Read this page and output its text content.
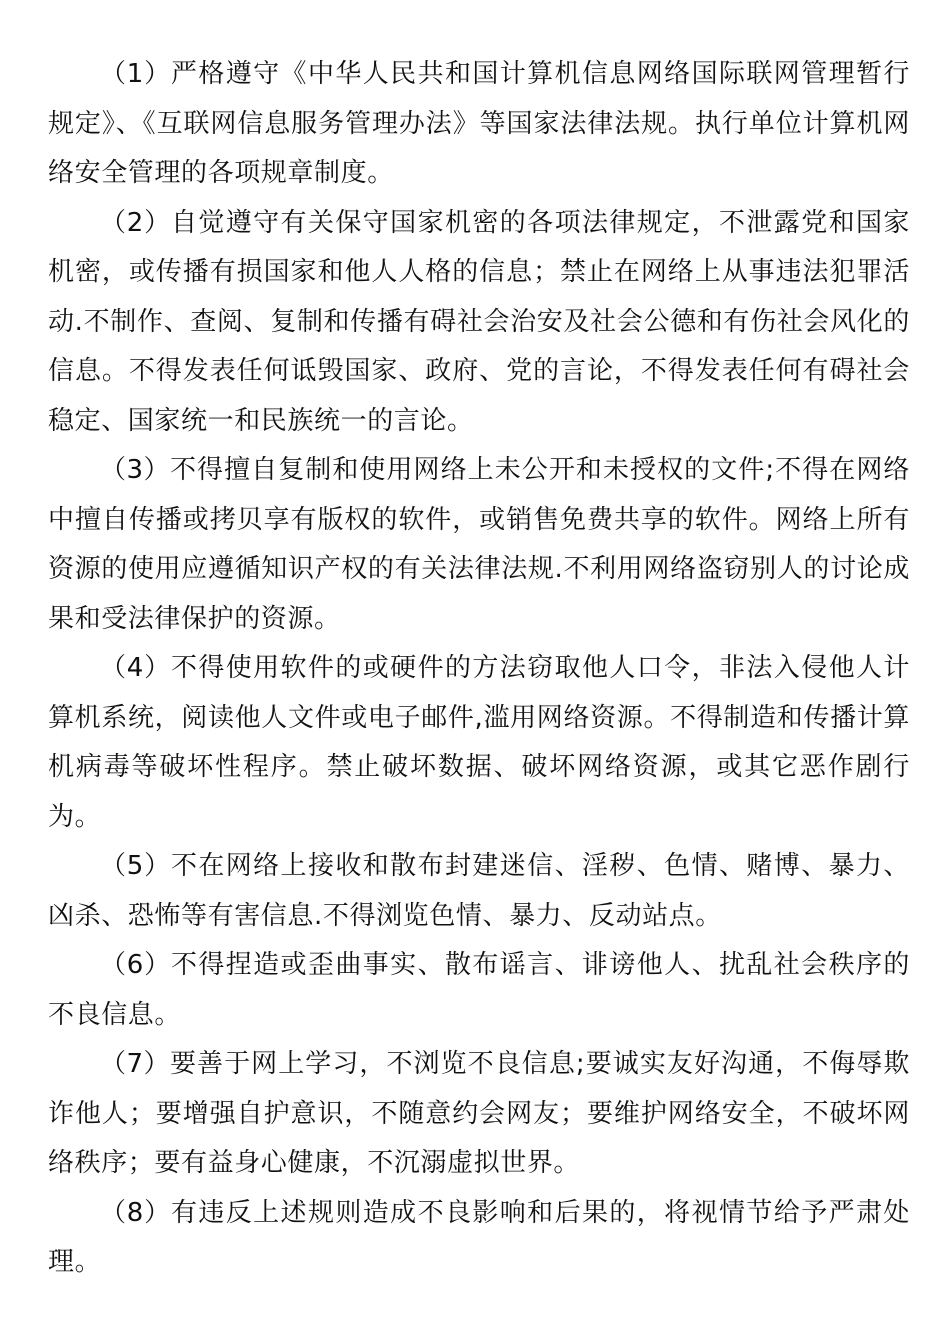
（1）严格遵守《中华人民共和国计算机信息网络国际联网管理暂行规定》、《互联网信息服务管理办法》等国家法律法规。执行单位计算机网络安全管理的各项规章制度。

（2）自觉遵守有关保守国家机密的各项法律规定，不泄露党和国家机密，或传播有损国家和他人人格的信息；禁止在网络上从事违法犯罪活动.不制作、查阅、复制和传播有碍社会治安及社会公德和有伤社会风化的信息。不得发表任何诋毁国家、政府、党的言论，不得发表任何有碍社会稳定、国家统一和民族统一的言论。

（3）不得擅自复制和使用网络上未公开和未授权的文件;不得在网络中擅自传播或拷贝享有版权的软件，或销售免费共享的软件。网络上所有资源的使用应遵循知识产权的有关法律法规.不利用网络盗窃别人的讨论成果和受法律保护的资源。

（4）不得使用软件的或硬件的方法窃取他人口令，非法入侵他人计算机系统，阅读他人文件或电子邮件,滥用网络资源。不得制造和传播计算机病毒等破坏性程序。禁止破坏数据、破坏网络资源，或其它恶作剧行为。

（5）不在网络上接收和散布封建迷信、淫秽、色情、赌博、暴力、凶杀、恐怖等有害信息.不得浏览色情、暴力、反动站点。

（6）不得捏造或歪曲事实、散布谣言、诽谤他人、扰乱社会秩序的不良信息。

（7）要善于网上学习，不浏览不良信息;要诚实友好沟通，不侮辱欺诈他人；要增强自护意识，不随意约会网友；要维护网络安全，不破坏网络秩序；要有益身心健康，不沉溺虚拟世界。

（8）有违反上述规则造成不良影响和后果的，将视情节给予严肃处理。
